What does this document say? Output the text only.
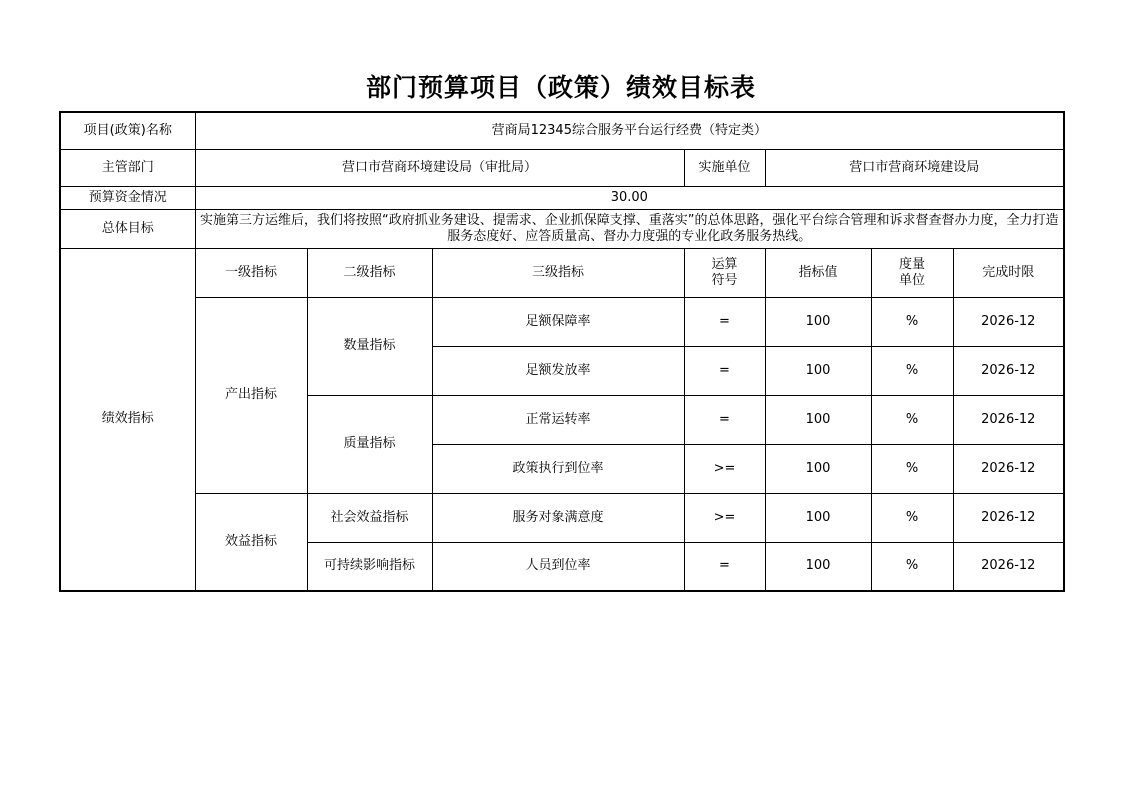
部门预算项目（政策）绩效目标表
项目(政策)名称	营商局12345综合服务平台运行经费（特定类）						
主管部门	营口市营商环境建设局（审批局）			实施单位	营口市营商环境建设局		
预算资金情况	30.00						
总体目标	实施第三方运维后，我们将按照“政府抓业务建设、提需求、企业抓保障支撑、重落实”的总体思路，强化平台综合管理和诉求督查督办力度，全力打造服务态度好、应答质量高、督办力度强的专业化政务服务热线。						
绩效指标	一级指标	二级指标	三级指标	运算符号	指标值	度量单位	完成时限
	产出指标	数量指标	足额保障率	=	100	%	2026-12
			足额发放率	=	100	%	2026-12
		质量指标	正常运转率	=	100	%	2026-12
			政策执行到位率	>=	100	%	2026-12
	效益指标	社会效益指标	服务对象满意度	>=	100	%	2026-12
		可持续影响指标	人员到位率	=	100	%	2026-12
